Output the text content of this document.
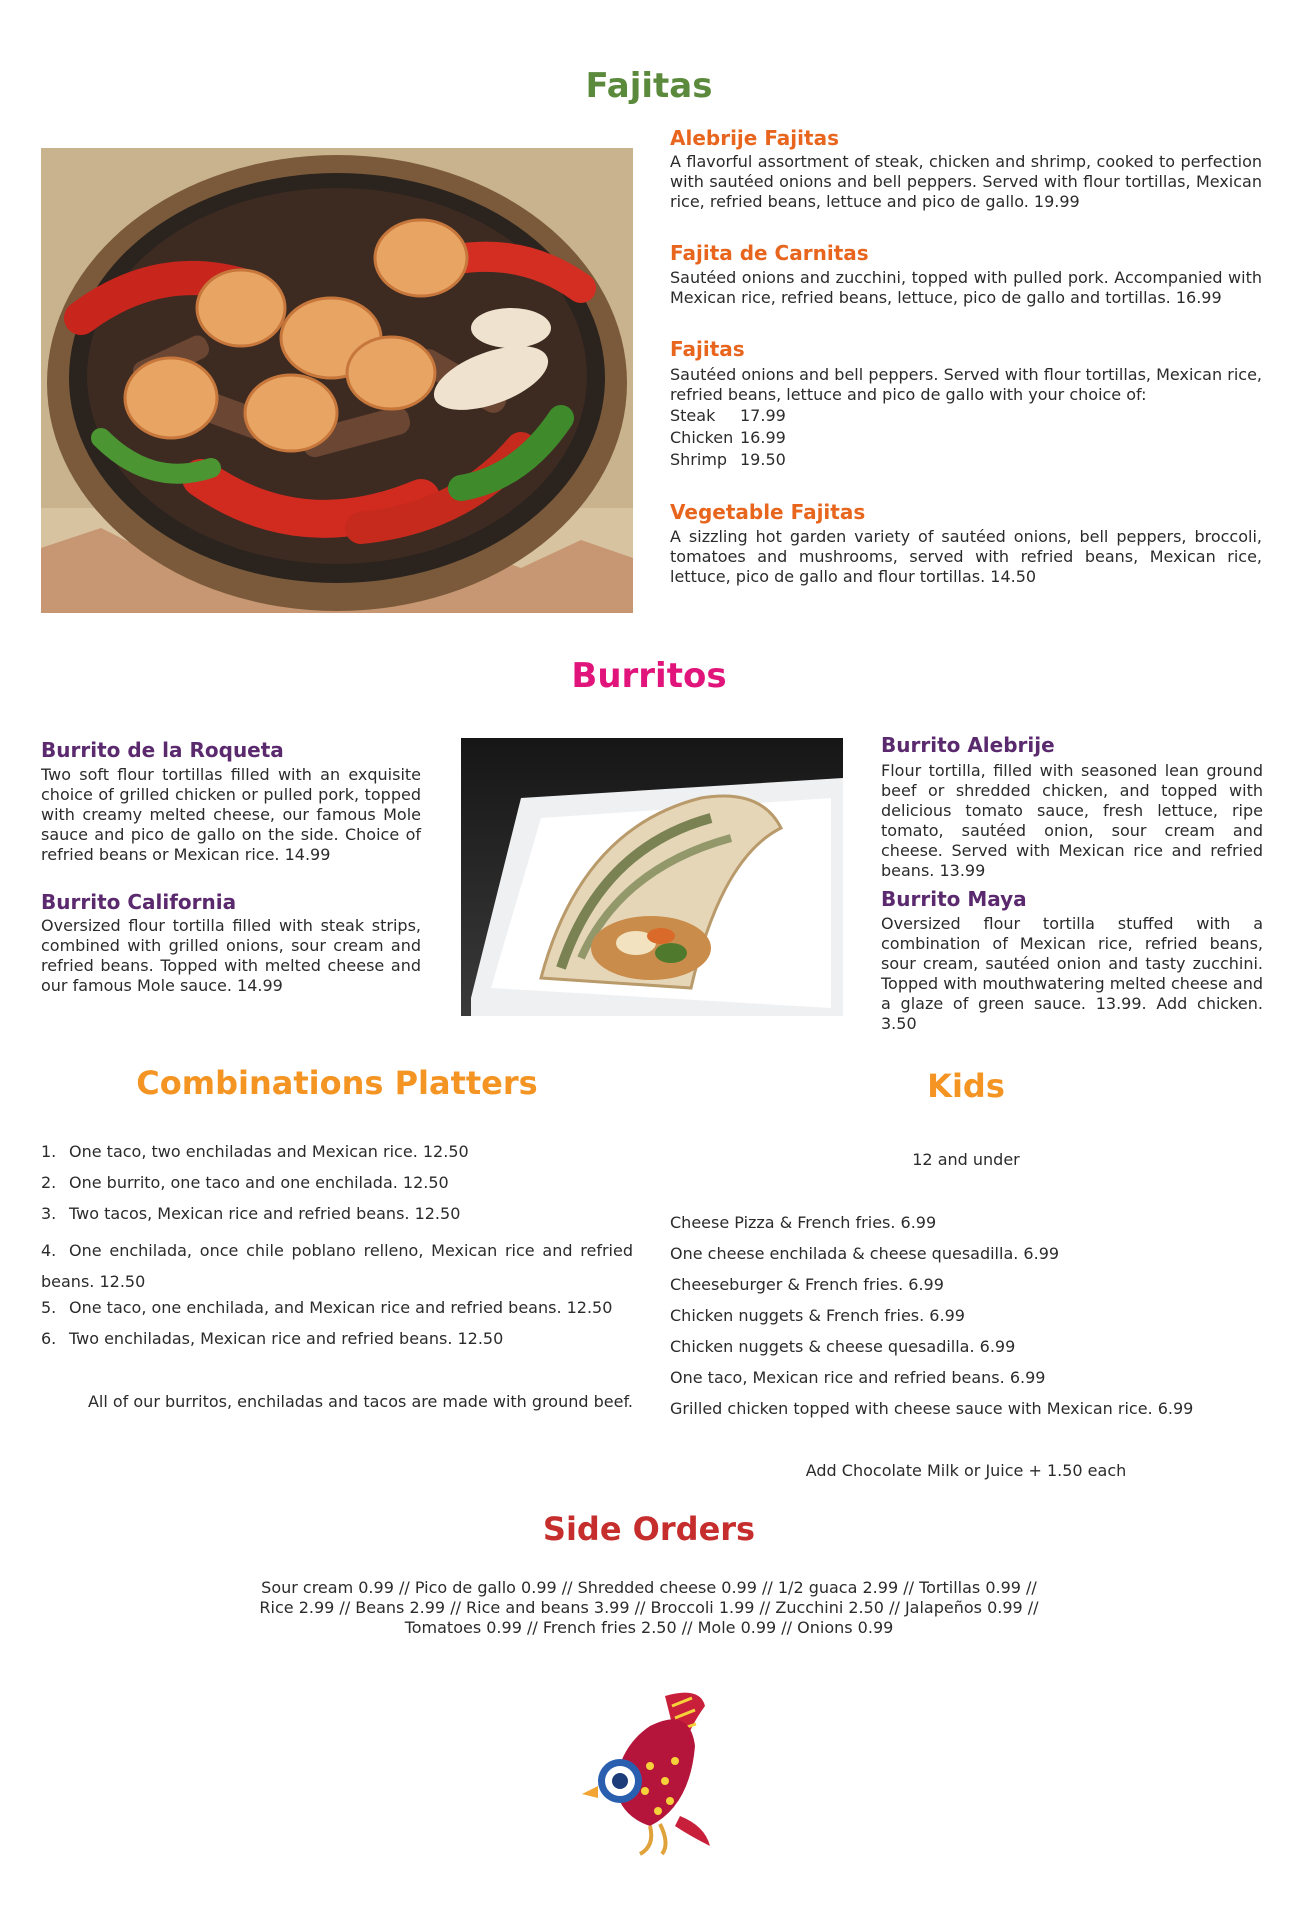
Fajitas
Alebrije Fajitas

A flavorful assortment of steak, chicken and shrimp, cooked to perfection with sautéed onions and bell peppers. Served with flour tortillas, Mexican rice, refried beans, lettuce and pico de gallo. 19.99

Fajita de Carnitas

Sautéed onions and zucchini, topped with pulled pork. Accompanied with Mexican rice, refried beans, lettuce, pico de gallo and tortillas. 16.99

Fajitas

Sautéed onions and bell peppers. Served with flour tortillas, Mexican rice, refried beans, lettuce and pico de gallo with your choice of:

Steak 17.99
Chicken 16.99
Shrimp 19.50
Vegetable Fajitas

A sizzling hot garden variety of sautéed onions, bell peppers, broccoli, tomatoes and mushrooms, served with refried beans, Mexican rice, lettuce, pico de gallo and flour tortillas. 14.50

Burritos
Burrito de la Roqueta

Two soft flour tortillas filled with an exquisite choice of grilled chicken or pulled pork, topped with creamy melted cheese, our famous Mole sauce and pico de gallo on the side. Choice of refried beans or Mexican rice. 14.99

Burrito California

Oversized flour tortilla filled with steak strips, combined with grilled onions, sour cream and refried beans. Topped with melted cheese and our famous Mole sauce. 14.99

Burrito Alebrije

Flour tortilla, filled with seasoned lean ground beef or shredded chicken, and topped with delicious tomato sauce, fresh lettuce, ripe tomato, sautéed onion, sour cream and cheese. Served with Mexican rice and refried beans. 13.99

Burrito Maya

Oversized flour tortilla stuffed with a combination of Mexican rice, refried beans, sour cream, sautéed onion and tasty zucchini. Topped with mouthwatering melted cheese and a glaze of green sauce. 13.99. Add chicken. 3.50

Combinations Platters

1. One taco, two enchiladas and Mexican rice. 12.50

2. One burrito, one taco and one enchilada. 12.50

3. Two tacos, Mexican rice and refried beans. 12.50

4. One enchilada, once chile poblano relleno, Mexican rice and refried beans. 12.50

5. One taco, one enchilada, and Mexican rice and refried beans. 12.50

6. Two enchiladas, Mexican rice and refried beans. 12.50

All of our burritos, enchiladas and tacos are made with ground beef.

Kids

12 and under

Cheese Pizza & French fries. 6.99

One cheese enchilada & cheese quesadilla. 6.99

Cheeseburger & French fries. 6.99

Chicken nuggets & French fries. 6.99

Chicken nuggets & cheese quesadilla. 6.99

One taco, Mexican rice and refried beans. 6.99

Grilled chicken topped with cheese sauce with Mexican rice. 6.99

Add Chocolate Milk or Juice + 1.50 each

Side Orders
Sour cream 0.99 // Pico de gallo 0.99 // Shredded cheese 0.99 // 1/2 guaca 2.99 // Tortillas 0.99 //
Rice 2.99 // Beans 2.99 // Rice and beans 3.99 // Broccoli 1.99 // Zucchini 2.50 // Jalapeños 0.99 //
Tomatoes 0.99 // French fries 2.50 // Mole 0.99 // Onions 0.99
